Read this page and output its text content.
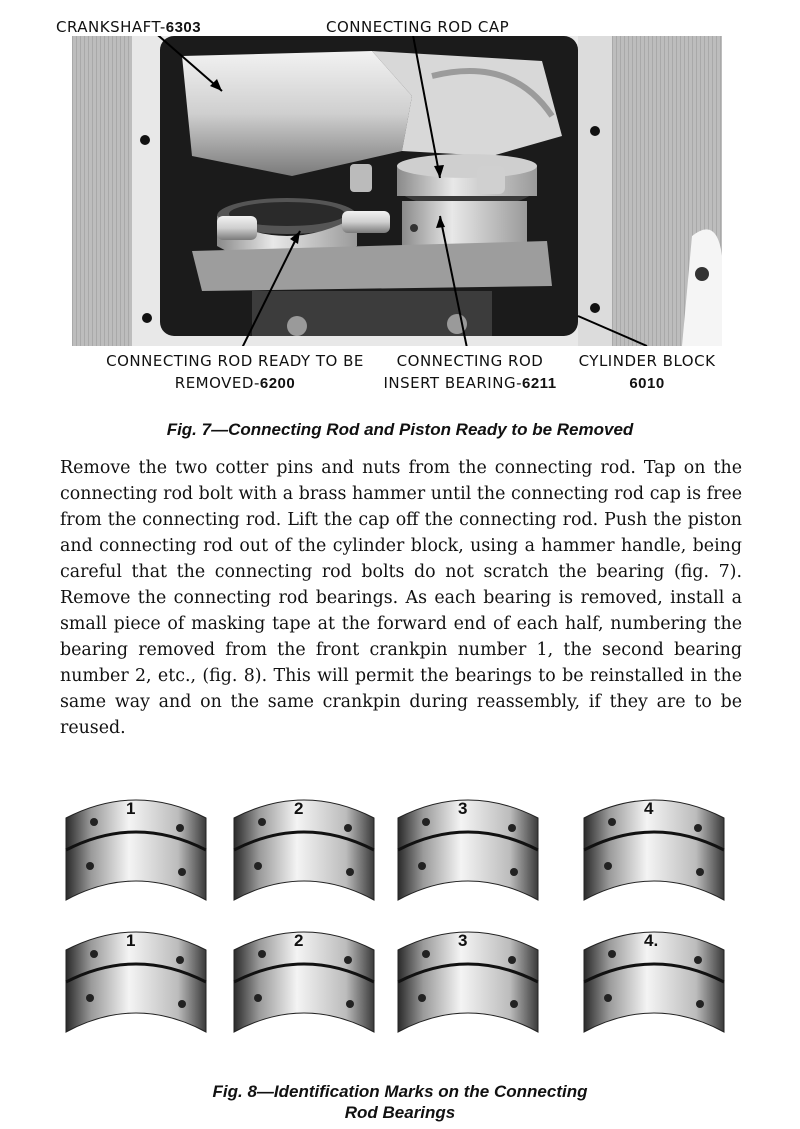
CRANKSHAFT-6303	CONNECTING ROD CAP
CONNECTING ROD READY TO BE
REMOVED-6200
CONNECTING ROD
INSERT BEARING-6211
CYLINDER BLOCK
6010
Fig. 7—Connecting Rod and Piston Ready to be Removed

Remove the two cotter pins and nuts from the connecting rod. Tap on the connecting rod bolt with a brass hammer until the connecting rod cap is free from the connecting rod. Lift the cap off the connecting rod. Push the piston and connecting rod out of the cylinder block, using a hammer handle, being careful that the connecting rod bolts do not scratch the bearing (fig. 7). Remove the connecting rod bearings. As each bearing is removed, install a small piece of masking tape at the forward end of each half, numbering the bearing removed from the front crankpin number 1, the second bearing number 2, etc., (fig. 8). This will permit the bearings to be reinstalled in the same way and on the same crankpin during reassembly, if they are to be reused.

1	2	3	4
1	2	3	4.
Fig. 8—Identification Marks on the Connecting
Rod Bearings
